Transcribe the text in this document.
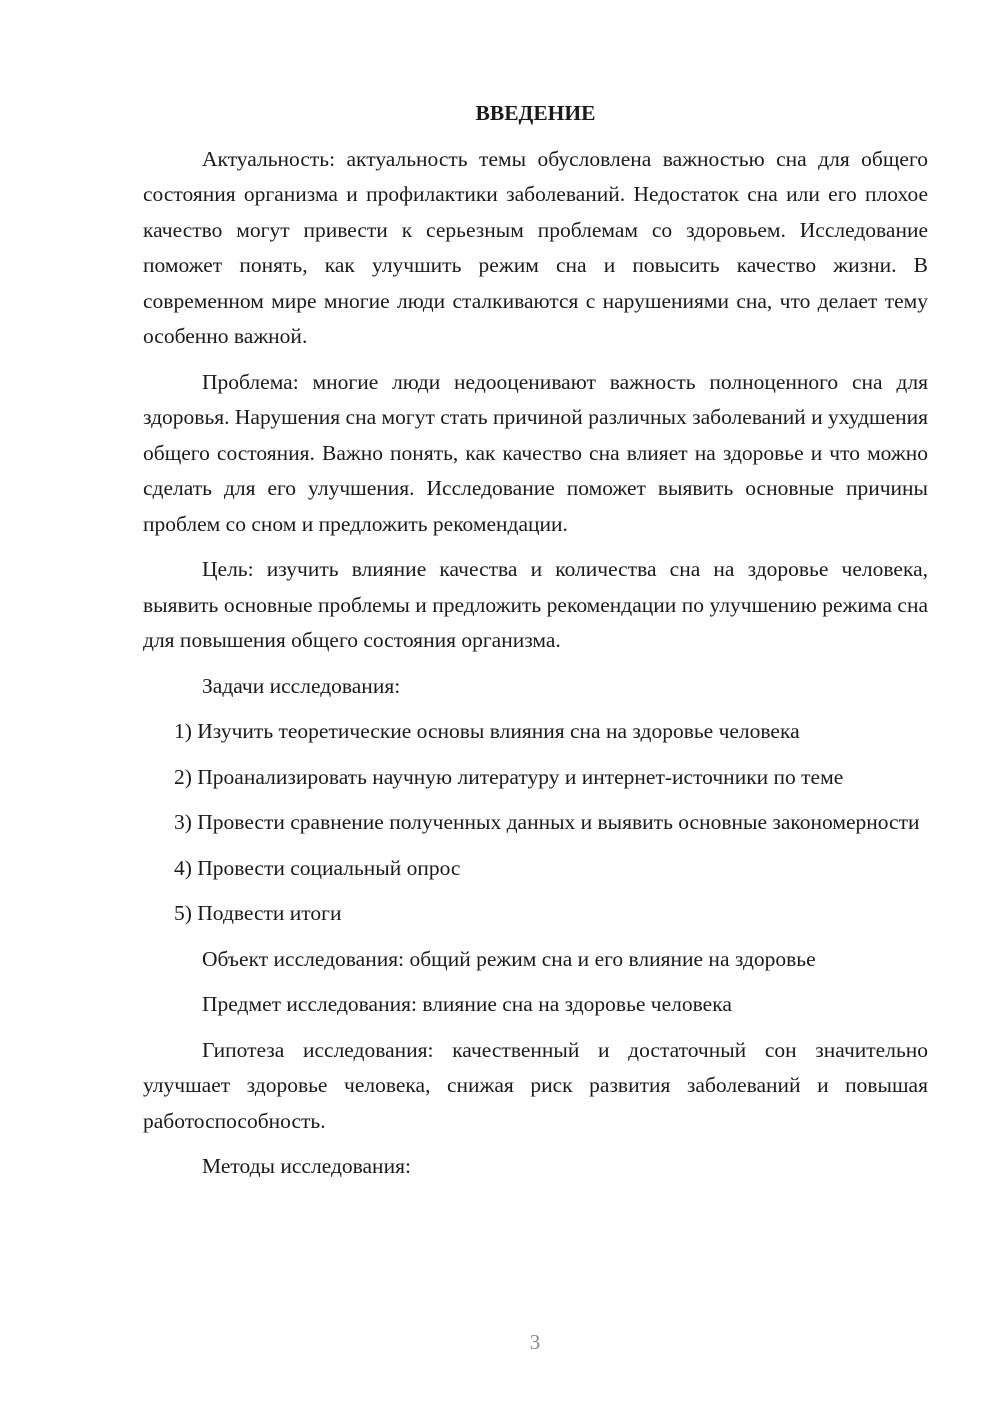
ВВЕДЕНИЕ

Актуальность: актуальность темы обусловлена важностью сна для общего состояния организма и профилактики заболеваний. Недостаток сна или его плохое качество могут привести к серьезным проблемам со здоровьем. Исследование поможет понять, как улучшить режим сна и повысить качество жизни. В современном мире многие люди сталкиваются с нарушениями сна, что делает тему особенно важной.

Проблема: многие люди недооценивают важность полноценного сна для здоровья. Нарушения сна могут стать причиной различных заболеваний и ухудшения общего состояния. Важно понять, как качество сна влияет на здоровье и что можно сделать для его улучшения. Исследование поможет выявить основные причины проблем со сном и предложить рекомендации.

Цель: изучить влияние качества и количества сна на здоровье человека, выявить основные проблемы и предложить рекомендации по улучшению режима сна для повышения общего состояния организма.

Задачи исследования:

1) Изучить теоретические основы влияния сна на здоровье человека

2) Проанализировать научную литературу и интернет-источники по теме

3) Провести сравнение полученных данных и выявить основные закономерности

4) Провести социальный опрос

5) Подвести итоги

Объект исследования: общий режим сна и его влияние на здоровье

Предмет исследования: влияние сна на здоровье человека

Гипотеза исследования: качественный и достаточный сон значительно улучшает здоровье человека, снижая риск развития заболеваний и повышая работоспособность.

Методы исследования:

3
